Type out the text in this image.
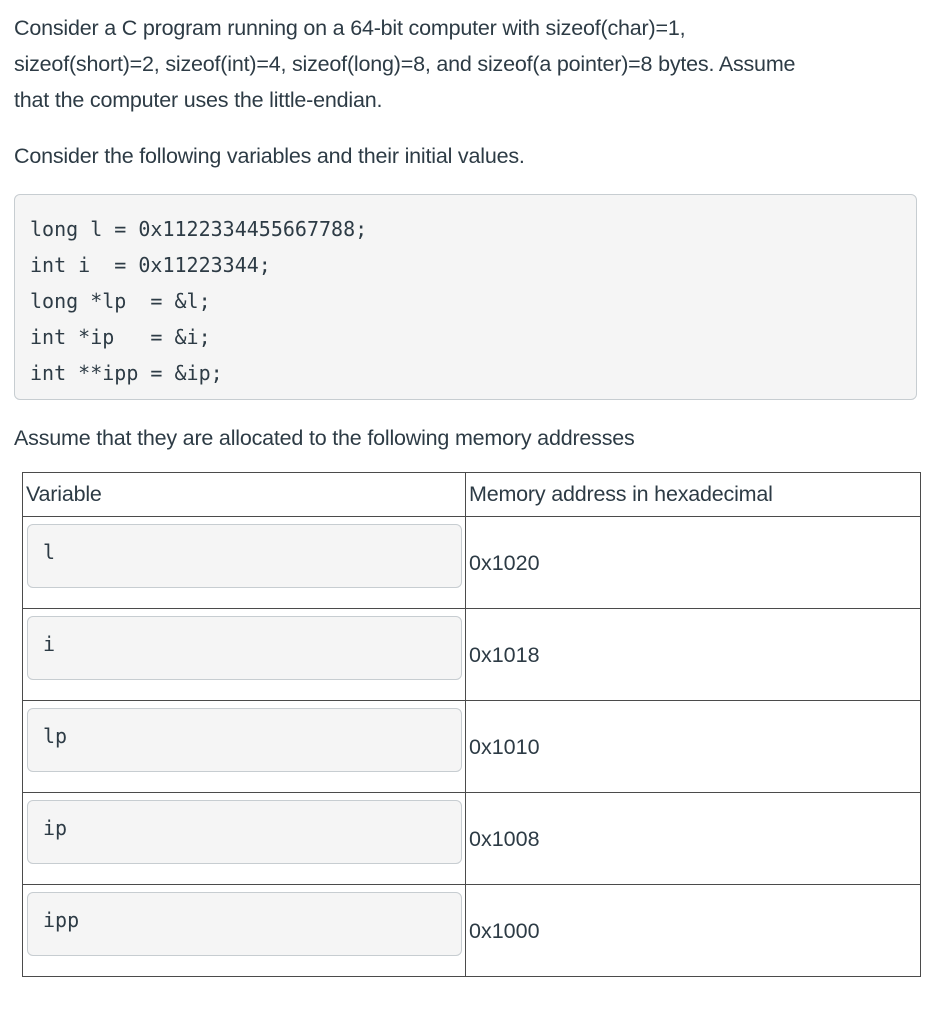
Consider a C program running on a 64-bit computer with sizeof(char)=1,
sizeof(short)=2, sizeof(int)=4, sizeof(long)=8, and sizeof(a pointer)=8 bytes. Assume
that the computer uses the little-endian.

Consider the following variables and their initial values.

long l = 0x1122334455667788;
int i  = 0x11223344;
long *lp  = &l;
int *ip   = &i;
int **ipp = &ip;

Assume that they are allocated to the following memory addresses

Variable	Memory address in hexadecimal

l	0x1020

i	0x1018

lp	0x1010

ip	0x1008

ipp	0x1000
